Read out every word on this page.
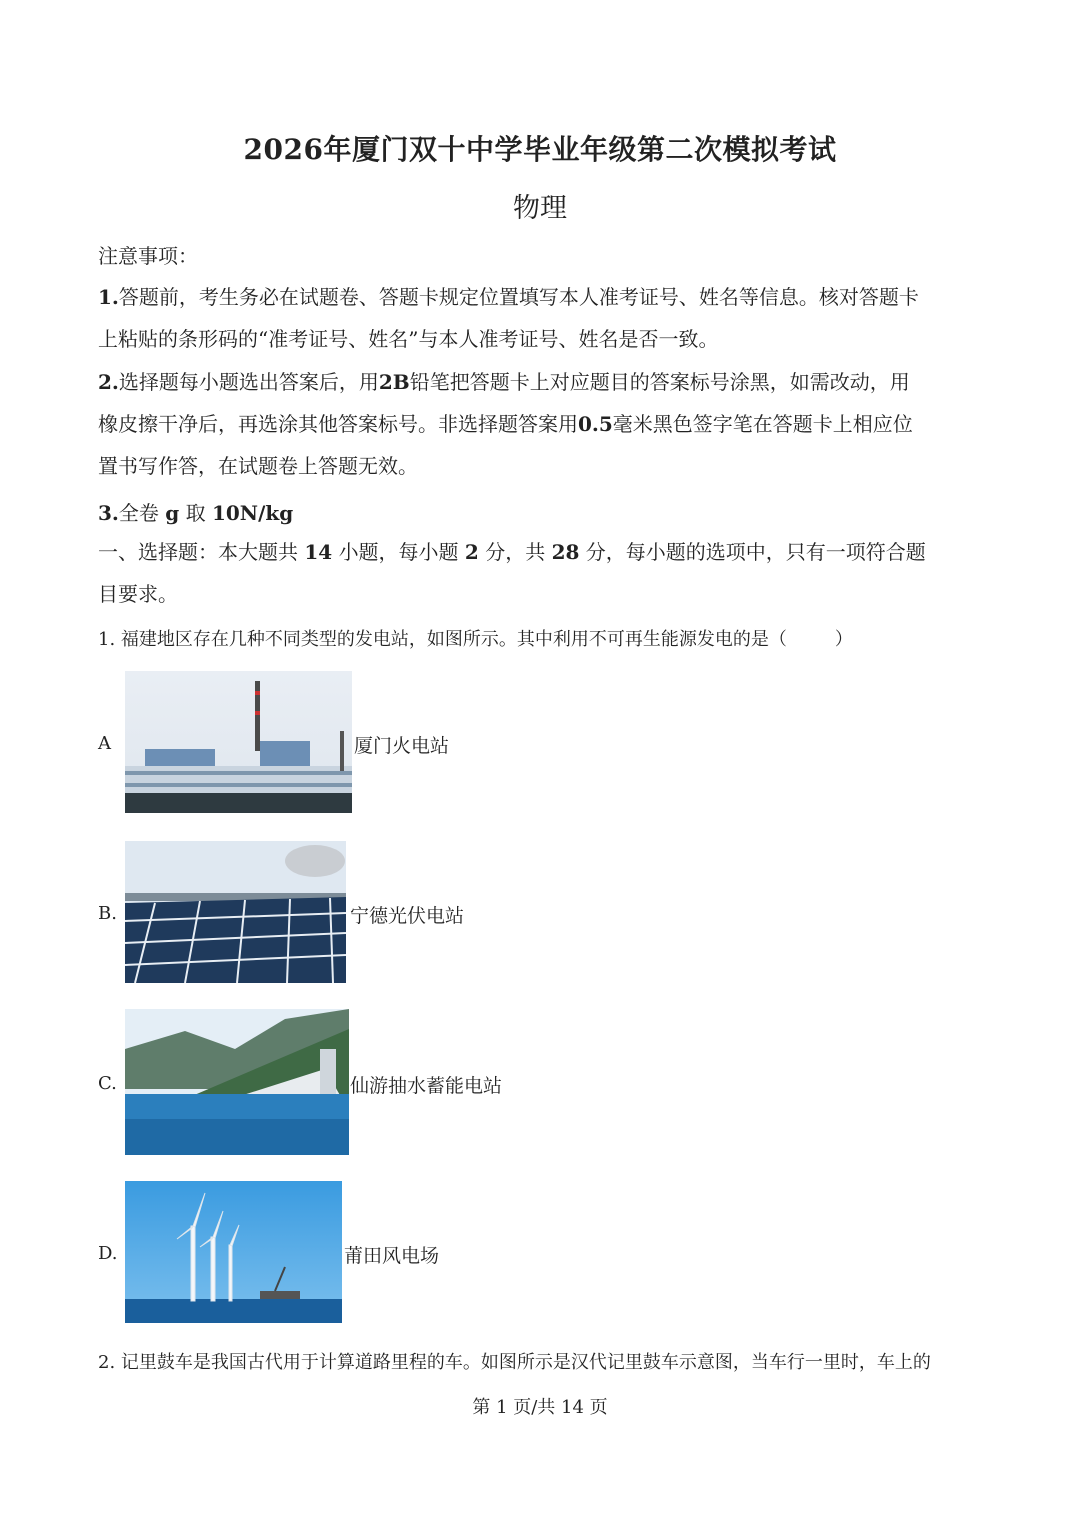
2026年厦门双十中学毕业年级第二次模拟考试
物理
注意事项：
1.答题前，考生务必在试题卷、答题卡规定位置填写本人准考证号、姓名等信息。核对答题卡
上粘贴的条形码的“准考证号、姓名”与本人准考证号、姓名是否一致。
2.选择题每小题选出答案后，用2B铅笔把答题卡上对应题目的答案标号涂黑，如需改动，用
橡皮擦干净后，再选涂其他答案标号。非选择题答案用0.5毫米黑色签字笔在答题卡上相应位
置书写作答，在试题卷上答题无效。
3.全卷 g 取 10N/kg
一、选择题：本大题共 14 小题，每小题 2 分，共 28 分，每小题的选项中，只有一项符合题
目要求。
1. 福建地区存在几种不同类型的发电站，如图所示。其中利用不可再生能源发电的是（	）
A	厦门火电站
B.	宁德光伏电站
C.	仙游抽水蓄能电站
D.	莆田风电场
2. 记里鼓车是我国古代用于计算道路里程的车。如图所示是汉代记里鼓车示意图，当车行一里时，车上的
第 1 页/共 14 页
